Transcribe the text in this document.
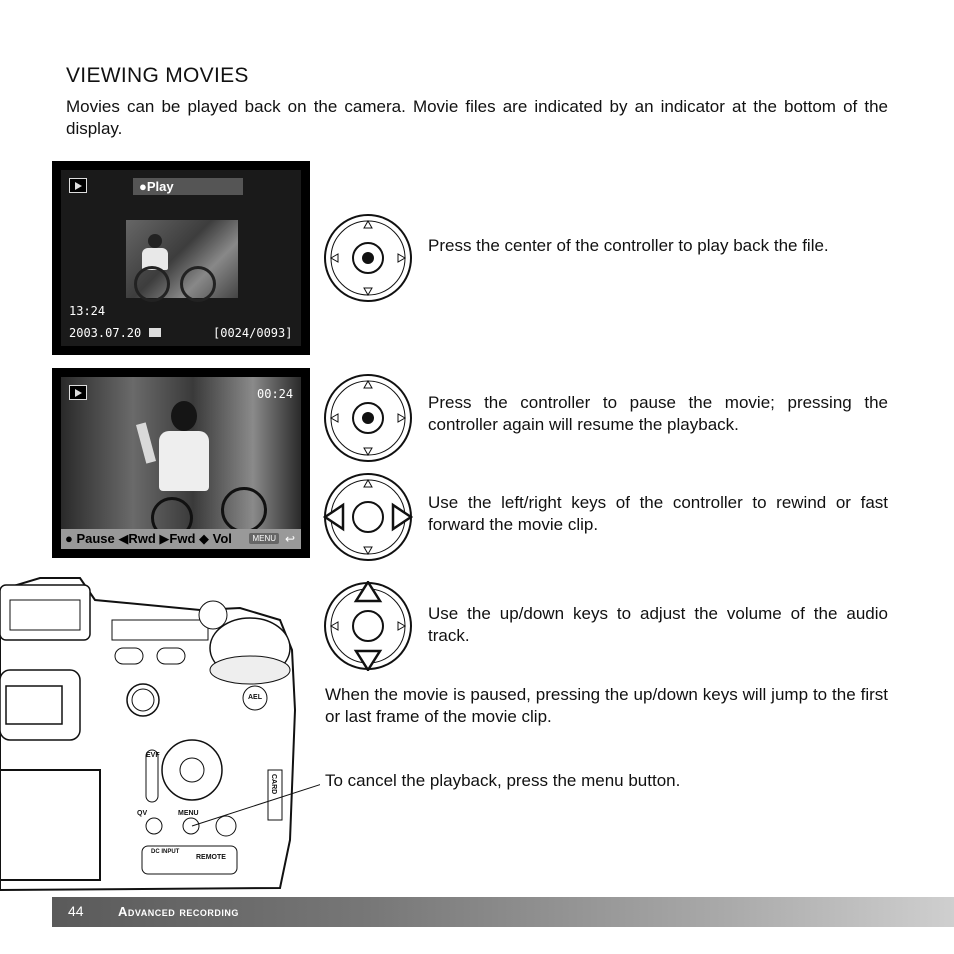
VIEWING MOVIES
Movies can be played back on the camera. Movie files are indicated by an indicator at the bottom of the display.
●Play
13:24
2003.07.20	[0024/0093]
00:24
● Pause ◀Rwd ▶Fwd ◆ Vol	MENU ↩
Press the center of the controller to play back the file.
Press the controller to pause the movie; pressing the controller again will resume the playback.
Use the left/right keys of the controller to rewind or fast forward the movie clip.
Use the up/down keys to adjust the volume of the audio track.
When the movie is paused, pressing the up/down keys will jump to the first or last frame of the movie clip.
To cancel the playback, press the menu button.
EVF
QV	MENU
AEL
DC INPUT
REMOTE
CARD
44	Advanced recording
